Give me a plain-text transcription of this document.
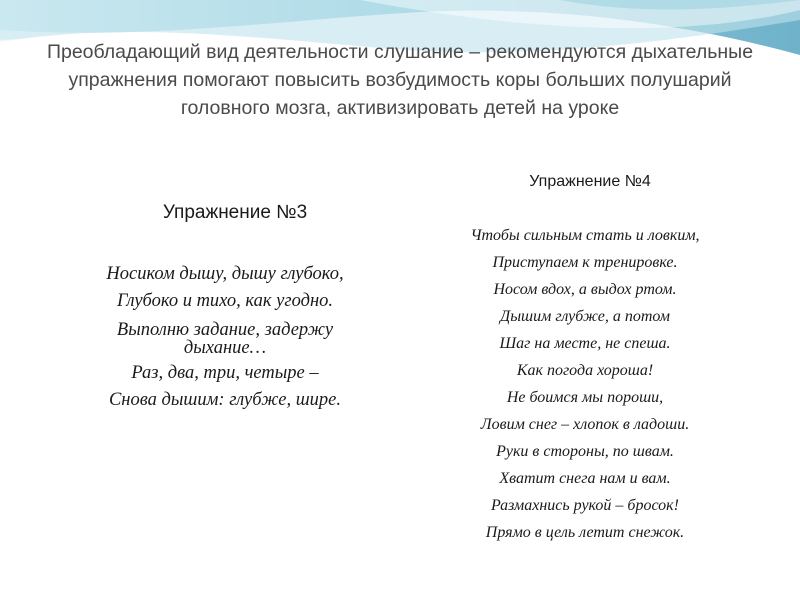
Преобладающий вид деятельности слушание – рекомендуются дыхательные упражнения помогают повысить возбудимость коры больших полушарий головного мозга, активизировать детей на уроке
Упражнение №3
Носиком дышу, дышу глубоко,
Глубоко и тихо, как угодно.
Выполню задание, задержу дыхание…
Раз, два, три, четыре –
Снова дышим: глубже, шире.
Упражнение №4
Чтобы сильным стать и ловким,
Приступаем к тренировке.
Носом вдох, а выдох ртом.
Дышим глубже, а потом
Шаг на месте, не спеша.
Как погода хороша!
Не боимся мы пороши,
Ловим снег – хлопок в ладоши.
Руки в стороны, по швам.
Хватит снега нам и вам.
Размахнись рукой – бросок!
Прямо в цель летит снежок.
